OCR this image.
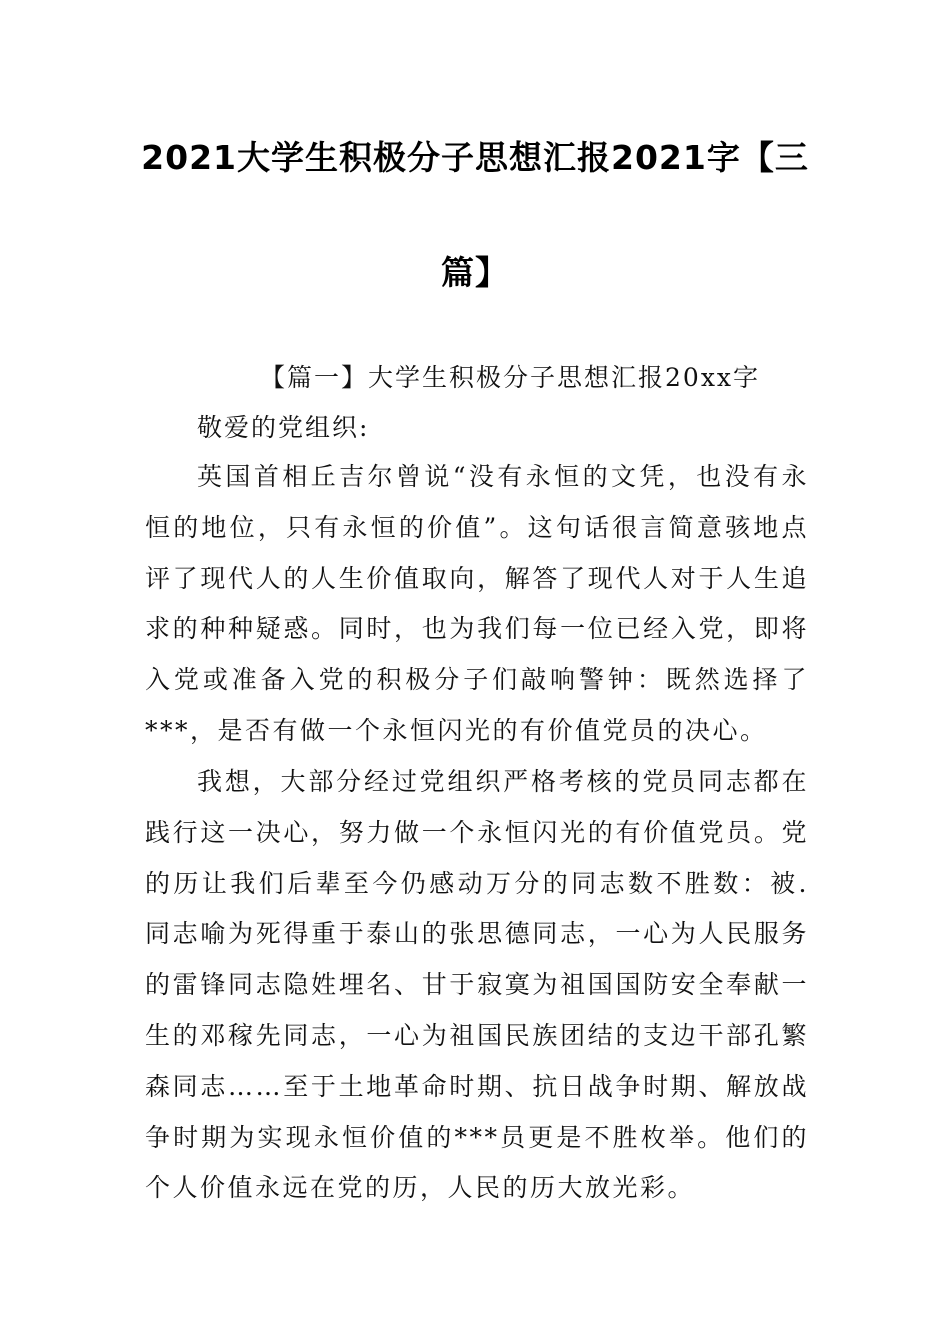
2021大学生积极分子思想汇报2021字【三
篇】
【篇一】大学生积极分子思想汇报20xx字
敬爱的党组织:

英国首相丘吉尔曾说“没有永恒的文凭，也没有永恒的地位，只有永恒的价值”。这句话很言简意骇地点评了现代人的人生价值取向，解答了现代人对于人生追求的种种疑惑。同时，也为我们每一位已经入党，即将入党或准备入党的积极分子们敲响警钟：既然选择了***，是否有做一个永恒闪光的有价值党员的决心。

我想，大部分经过党组织严格考核的党员同志都在践行这一决心，努力做一个永恒闪光的有价值党员。党的历让我们后辈至今仍感动万分的同志数不胜数：被.同志喻为死得重于泰山的张思德同志，一心为人民服务的雷锋同志隐姓埋名、甘于寂寞为祖国国防安全奉献一生的邓稼先同志，一心为祖国民族团结的支边干部孔繁森同志……至于土地革命时期、抗日战争时期、解放战争时期为实现永恒价值的***员更是不胜枚举。他们的个人价值永远在党的历，人民的历大放光彩。
